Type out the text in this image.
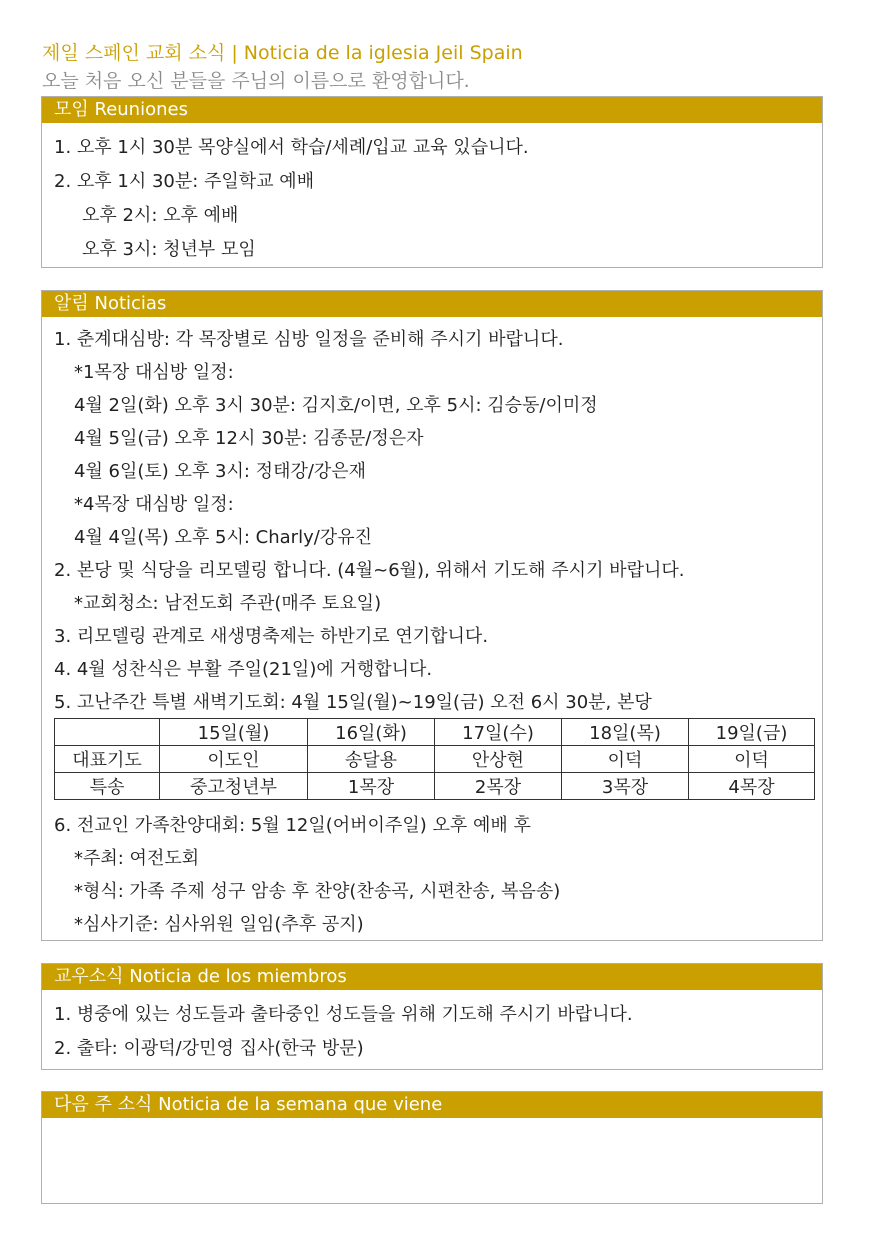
제일 스페인 교회 소식 | Noticia de la iglesia Jeil Spain
오늘 처음 오신 분들을 주님의 이름으로 환영합니다.
모임 Reuniones
1. 오후 1시 30분 목양실에서 학습/세례/입교 교육 있습니다.
2. 오후 1시 30분: 주일학교 예배
오후 2시: 오후 예배
오후 3시: 청년부 모임
알림 Noticias
1. 춘계대심방: 각 목장별로 심방 일정을 준비해 주시기 바랍니다.
*1목장 대심방 일정:
4월 2일(화) 오후 3시 30분: 김지호/이면, 오후 5시: 김승동/이미정
4월 5일(금) 오후 12시 30분: 김종문/정은자
4월 6일(토) 오후 3시: 정태강/강은재
*4목장 대심방 일정:
4월 4일(목) 오후 5시: Charly/강유진
2. 본당 및 식당을 리모델링 합니다. (4월~6월), 위해서 기도해 주시기 바랍니다.
*교회청소: 남전도회 주관(매주 토요일)
3. 리모델링 관계로 새생명축제는 하반기로 연기합니다.
4. 4월 성찬식은 부활 주일(21일)에 거행합니다.
5. 고난주간 특별 새벽기도회: 4월 15일(월)~19일(금) 오전 6시 30분, 본당
	15일(월)	16일(화)	17일(수)	18일(목)	19일(금)
대표기도	이도인	송달용	안상현	이덕	이덕
특송	중고청년부	1목장	2목장	3목장	4목장
6. 전교인 가족찬양대회: 5월 12일(어버이주일) 오후 예배 후
*주최: 여전도회
*형식: 가족 주제 성구 암송 후 찬양(찬송곡, 시편찬송, 복음송)
*심사기준: 심사위원 일임(추후 공지)
교우소식 Noticia de los miembros
1. 병중에 있는 성도들과 출타중인 성도들을 위해 기도해 주시기 바랍니다.
2. 출타: 이광덕/강민영 집사(한국 방문)
다음 주 소식 Noticia de la semana que viene
